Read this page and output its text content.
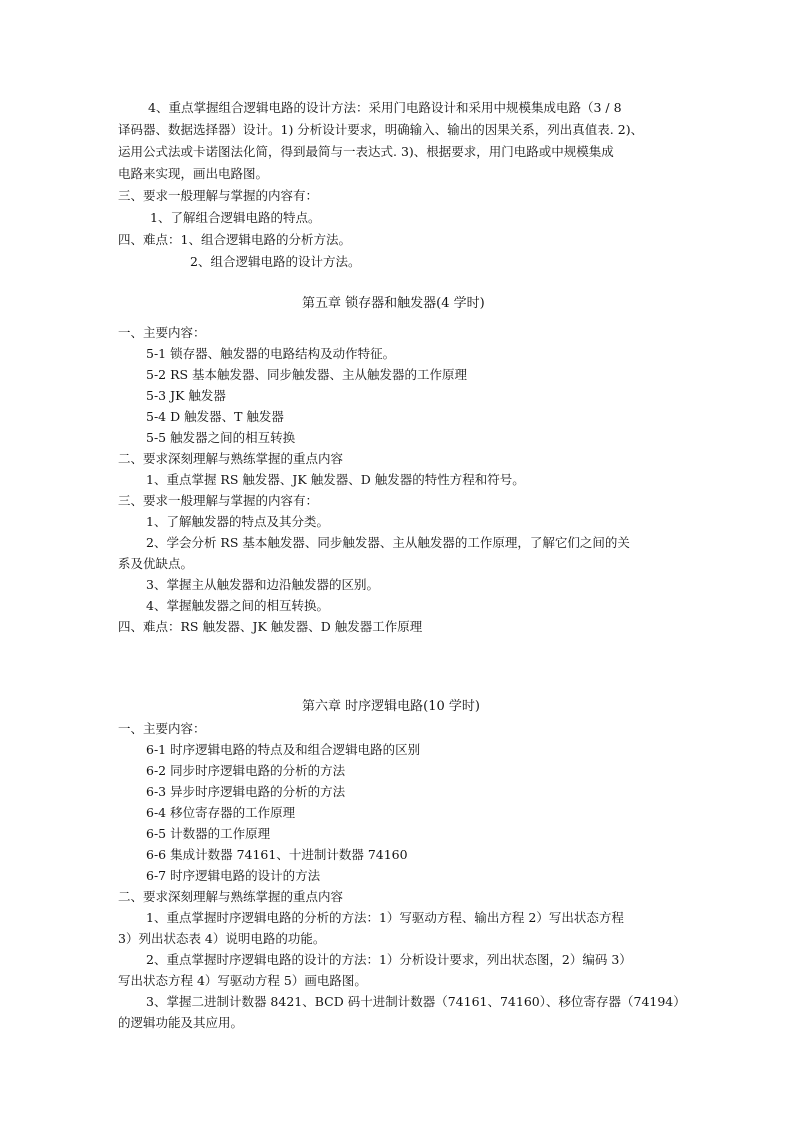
4、重点掌握组合逻辑电路的设计方法：采用门电路设计和采用中规模集成电路（3 / 8
译码器、数据选择器）设计。1) 分析设计要求，明确输入、输出的因果关系，列出真值表. 2)、
运用公式法或卡诺图法化简，得到最简与一表达式. 3)、根据要求，用门电路或中规模集成
电路来实现，画出电路图。
三、要求一般理解与掌握的内容有：
1、了解组合逻辑电路的特点。
四、难点：1、组合逻辑电路的分析方法。
2、组合逻辑电路的设计方法。
第五章 锁存器和触发器(4 学时)
一、主要内容：
5-1 锁存器、触发器的电路结构及动作特征。
5-2 RS 基本触发器、同步触发器、主从触发器的工作原理
5-3 JK 触发器
5-4 D 触发器、T 触发器
5-5 触发器之间的相互转换
二、要求深刻理解与熟练掌握的重点内容
1、重点掌握 RS 触发器、JK 触发器、D 触发器的特性方程和符号。
三、要求一般理解与掌握的内容有：
1、了解触发器的特点及其分类。
2、学会分析 RS 基本触发器、同步触发器、主从触发器的工作原理，了解它们之间的关
系及优缺点。
3、掌握主从触发器和边沿触发器的区别。
4、掌握触发器之间的相互转换。
四、难点：RS 触发器、JK 触发器、D 触发器工作原理
第六章 时序逻辑电路(10 学时)
一、主要内容：
6-1 时序逻辑电路的特点及和组合逻辑电路的区别
6-2 同步时序逻辑电路的分析的方法
6-3 异步时序逻辑电路的分析的方法
6-4 移位寄存器的工作原理
6-5 计数器的工作原理
6-6 集成计数器 74161、十进制计数器 74160
6-7 时序逻辑电路的设计的方法
二、要求深刻理解与熟练掌握的重点内容
1、重点掌握时序逻辑电路的分析的方法：1）写驱动方程、输出方程 2）写出状态方程
3）列出状态表 4）说明电路的功能。
2、重点掌握时序逻辑电路的设计的方法：1）分析设计要求，列出状态图，2）编码 3）
写出状态方程 4）写驱动方程 5）画电路图。
3、掌握二进制计数器 8421、BCD 码十进制计数器（74161、74160）、移位寄存器（74194）
的逻辑功能及其应用。
